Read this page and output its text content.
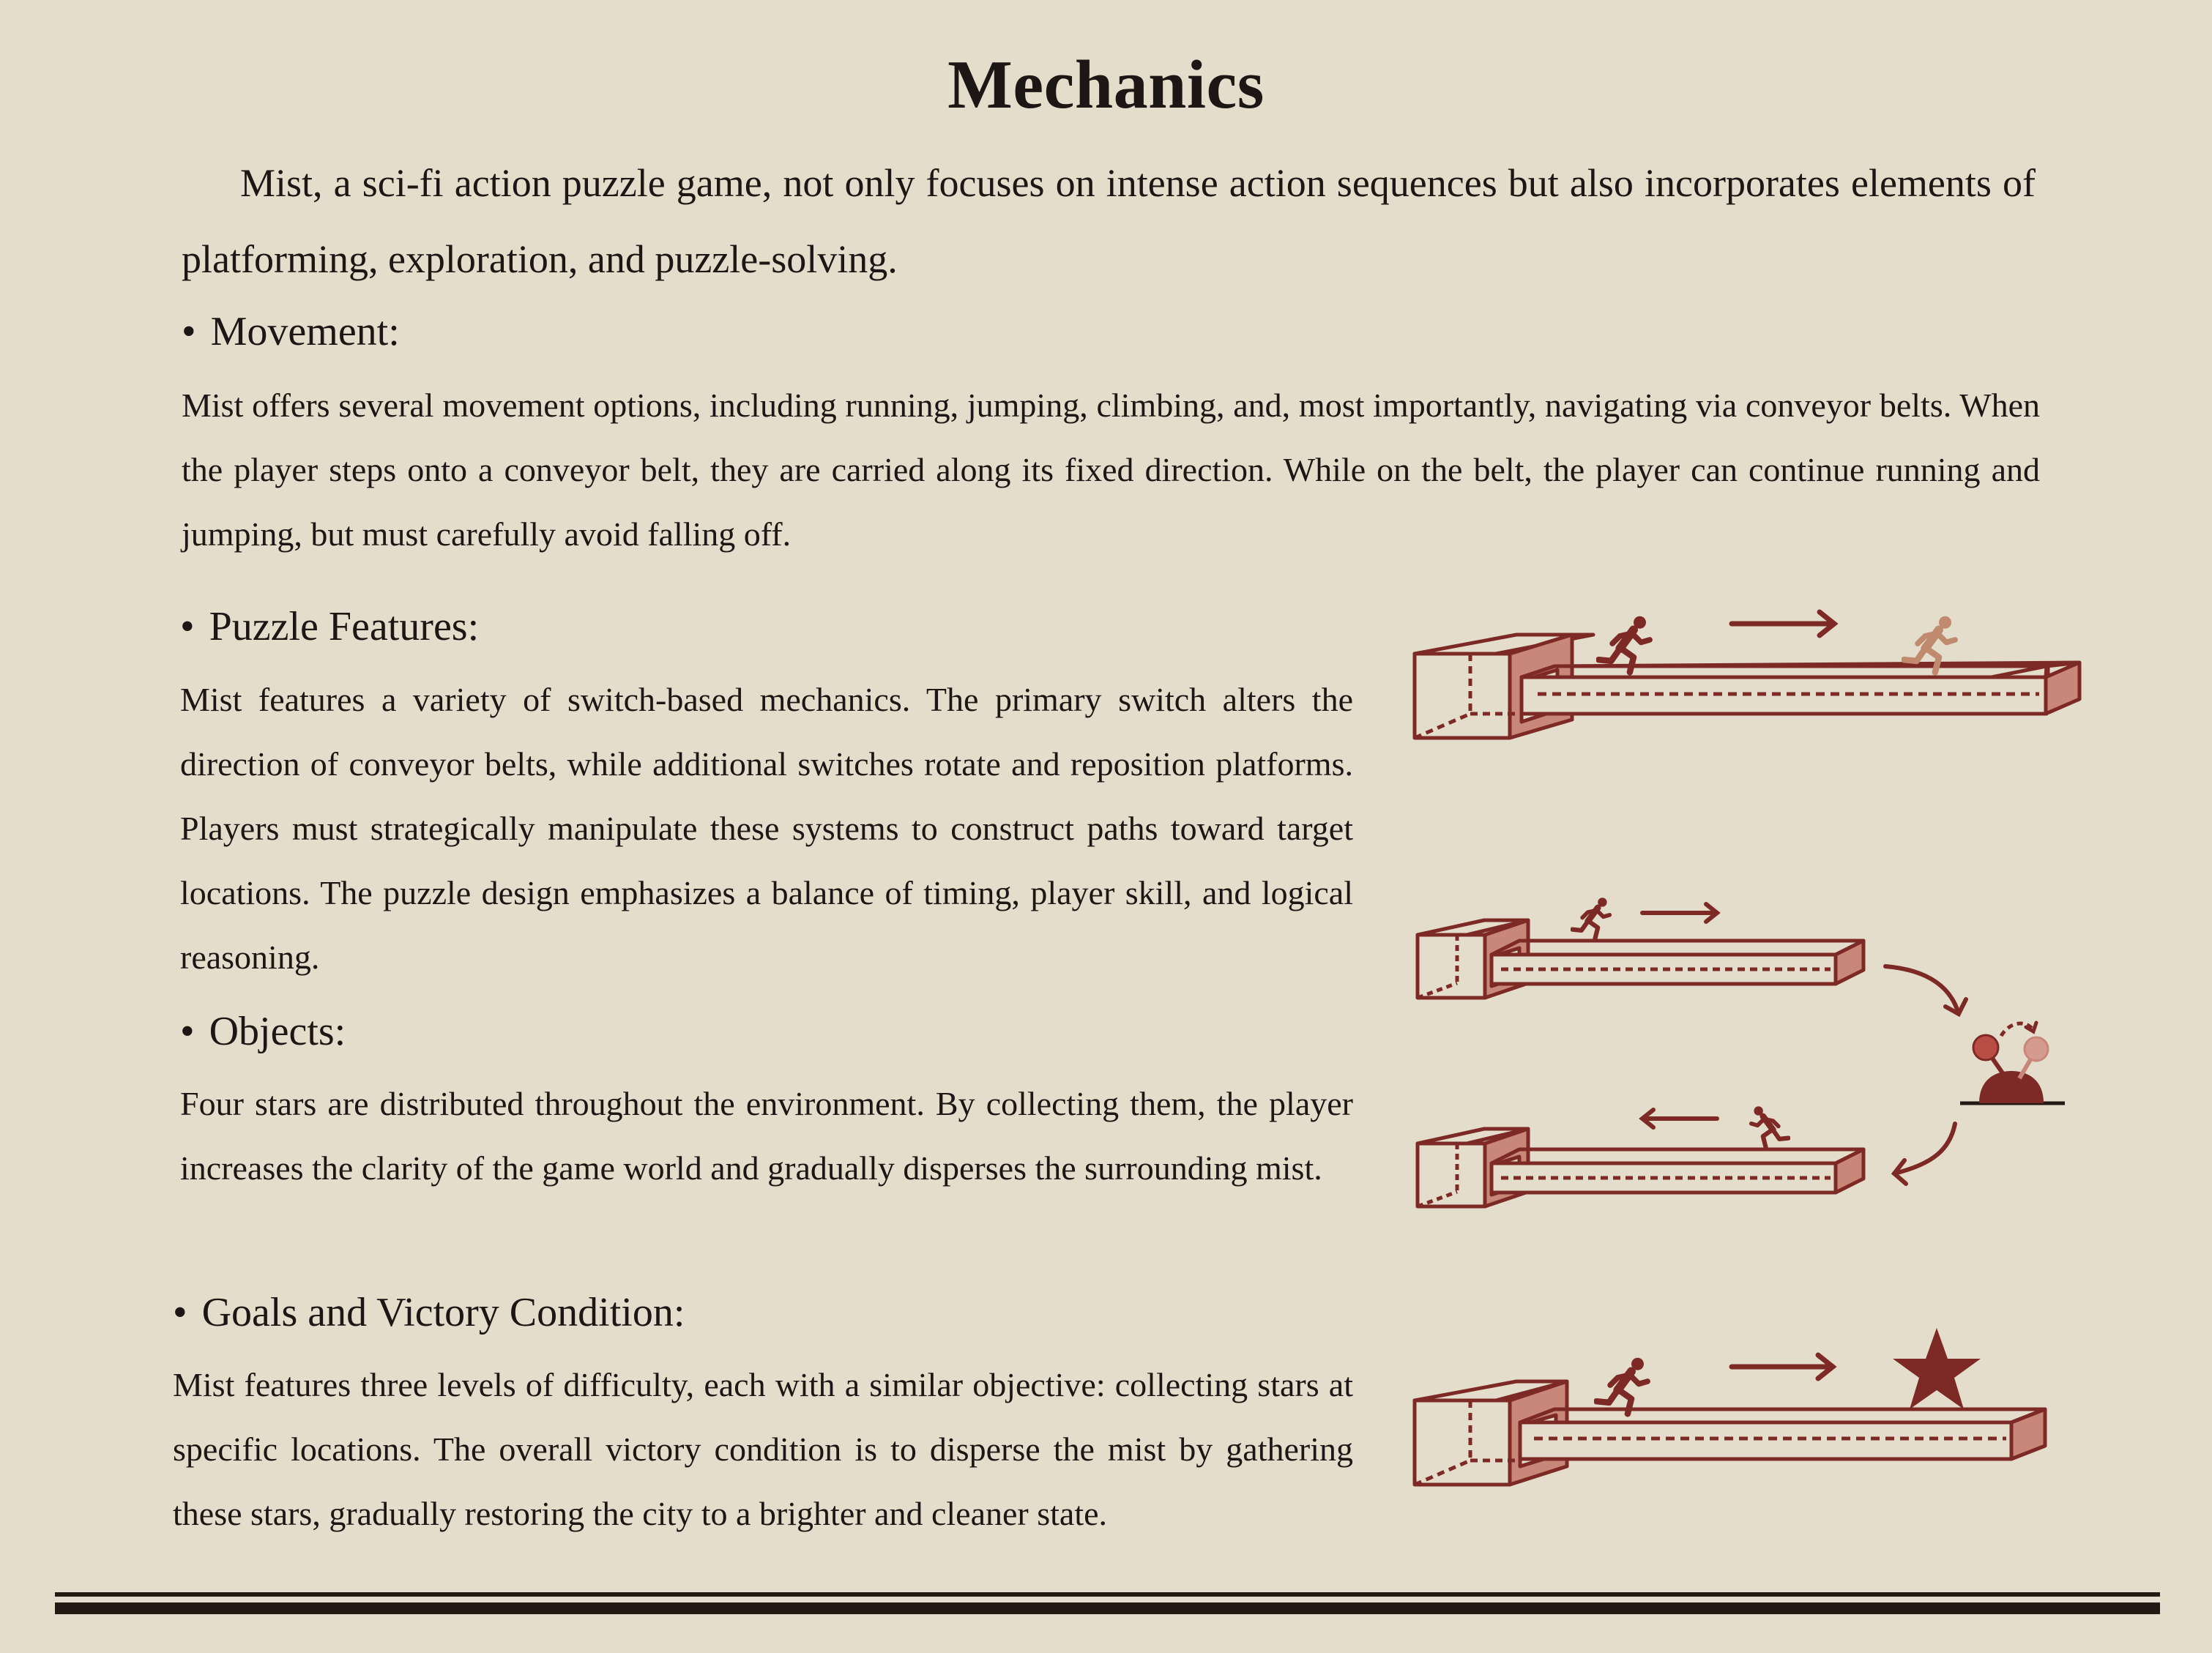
Mechanics

Mist, a sci-fi action puzzle game, not only focuses on intense action sequences but also incorporates elements of platforming, exploration, and puzzle-solving.

• Movement:

Mist offers several movement options, including running, jumping, climbing, and, most importantly, navigating via conveyor belts. When the player steps onto a conveyor belt, they are carried along its fixed direction. While on the belt, the player can continue running and jumping, but must carefully avoid falling off.

• Puzzle Features:

Mist features a variety of switch-based mechanics. The primary switch alters the direction of conveyor belts, while additional switches rotate and reposition platforms. Players must strategically manipulate these systems to construct paths toward target locations. The puzzle design emphasizes a balance of timing, player skill, and logical reasoning.

• Objects:

Four stars are distributed throughout the environment. By collecting them, the player increases the clarity of the game world and gradually disperses the surrounding mist.

• Goals and Victory Condition:

Mist features three levels of difficulty, each with a similar objective: collecting stars at specific locations. The overall victory condition is to disperse the mist by gathering these stars, gradually restoring the city to a brighter and cleaner state.
